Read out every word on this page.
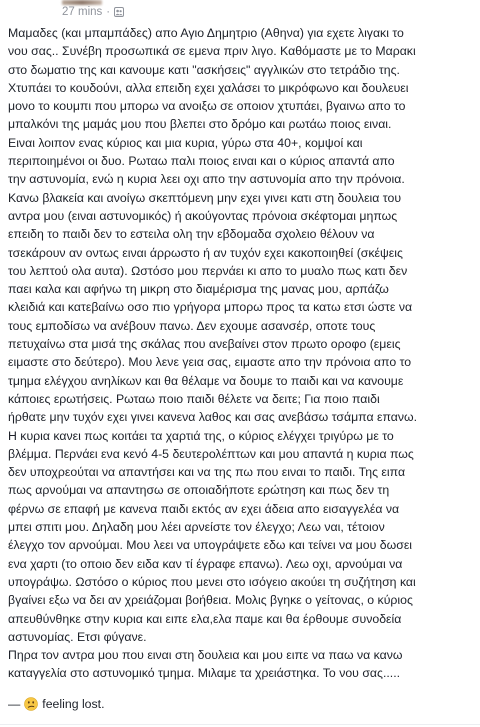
27 mins ·
Μαμαδες (και μπαμπάδες) απο Αγιο Δημητριο (Αθηνα) για εχετε λιγακι το
νου σας.. Συνέβη προσωπικά σε εμενα πριν λιγο. Καθόμαστε με το Μαρακι
στο δωματιο της και κανουμε κατι "ασκήσεις" αγγλικών στο τετράδιο της.
Χτυπάει το κουδούνι, αλλα επειδη εχει χαλάσει το μικρόφωνο και δουλευει
μονο το κουμπι που μπορω να ανοιξω σε οποιον χτυπάει, βγαινω απο το
μπαλκόνι της μαμάς μου που βλεπει στο δρόμο και ρωτάω ποιος ειναι.
Ειναι λοιπον ενας κύριος και μια κυρια, γύρω στα 40+, κομψοί και
περιποιημένοι οι δυο. Ρωταω παλι ποιος ειναι και ο κύριος απαντά απο
την αστυνομία, ενώ η κυρια λεει οχι απο την αστυνομία απο την πρόνοια.
Κανω βλακεία και ανοίγω σκεπτόμενη μην εχει γινει κατι στη δουλεια του
αντρα μου (ειναι αστυνομικός) ή ακούγοντας πρόνοια σκέφτομαι μηπως
επειδη το παιδι δεν το εστειλα ολη την εβδομαδα σχολειο θέλουν να
τσεκάρουν αν οντως ειναι άρρωστο ή αν τυχόν εχει κακοποιηθεί (σκέψεις
του λεπτού ολα αυτα). Ωστόσο μου περνάει κι απο το μυαλο πως κατι δεν
παει καλα και αφήνω τη μικρη στο διαμέρισμα της μανας μου, αρπάζω
κλειδιά και κατεβαίνω οσο πιο γρήγορα μπορω προς τα κατω ετσι ώστε να
τους εμποδίσω να ανέβουν πανω. Δεν εχουμε ασανσέρ, οποτε τους
πετυχαίνω στα μισά της σκάλας που ανεβαίνει στον πρωτο οροφο (εμεις
ειμαστε στο δεύτερο). Μου λενε γεια σας, ειμαστε απο την πρόνοια απο το
τμημα ελέγχου ανηλίκων και θα θέλαμε να δουμε το παιδι και να κανουμε
κάποιες ερωτήσεις. Ρωταω ποιο παιδι θέλετε να δειτε; Για ποιο παιδι
ήρθατε μην τυχόν εχει γινει κανενα λαθος και σας ανεβάσω τσάμπα επανω.
Η κυρια κανει πως κοιτάει τα χαρτιά της, ο κύριος ελέγχει τριγύρω με το
βλέμμα. Περνάει ενα κενό 4-5 δευτερολέπτων και μου απαντά η κυρια πως
δεν υποχρεούται να απαντήσει και να της πω που ειναι το παιδι. Της ειπα
πως αρνούμαι να απαντησω σε οποιαδήποτε ερώτηση και πως δεν τη
φέρνω σε επαφή με κανενα παιδι εκτός αν εχει άδεια απο εισαγγελέα να
μπει σπιτι μου. Δηλαδη μου λέει αρνείστε τον έλεγχο; Λεω ναι, τέτοιον
έλεγχο τον αρνούμαι. Μου λεει να υπογράψετε εδω και τείνει να μου δωσει
ενα χαρτι (το οποιο δεν ειδα καν τί έγραφε επανω). Λεω οχι, αρνούμαι να
υπογράψω. Ωστόσο ο κύριος που μενει στο ισόγειο ακούει τη συζήτηση και
βγαίνει εξω να δει αν χρειάζομαι βοήθεια. Μολις βγηκε ο γείτονας, ο κύριος
απευθύνθηκε στην κυρια και ειπε ελα,ελα παμε και θα έρθουμε συνοδεία
αστυνομίας. Ετσι φύγανε.
Πηρα τον αντρα μου που ειναι στη δουλεια και μου ειπε να παω να κανω
καταγγελία στο αστυνομικό τμημα. Μιλαμε τα χρειάστηκα. Το νου σας.....
— feeling lost.
